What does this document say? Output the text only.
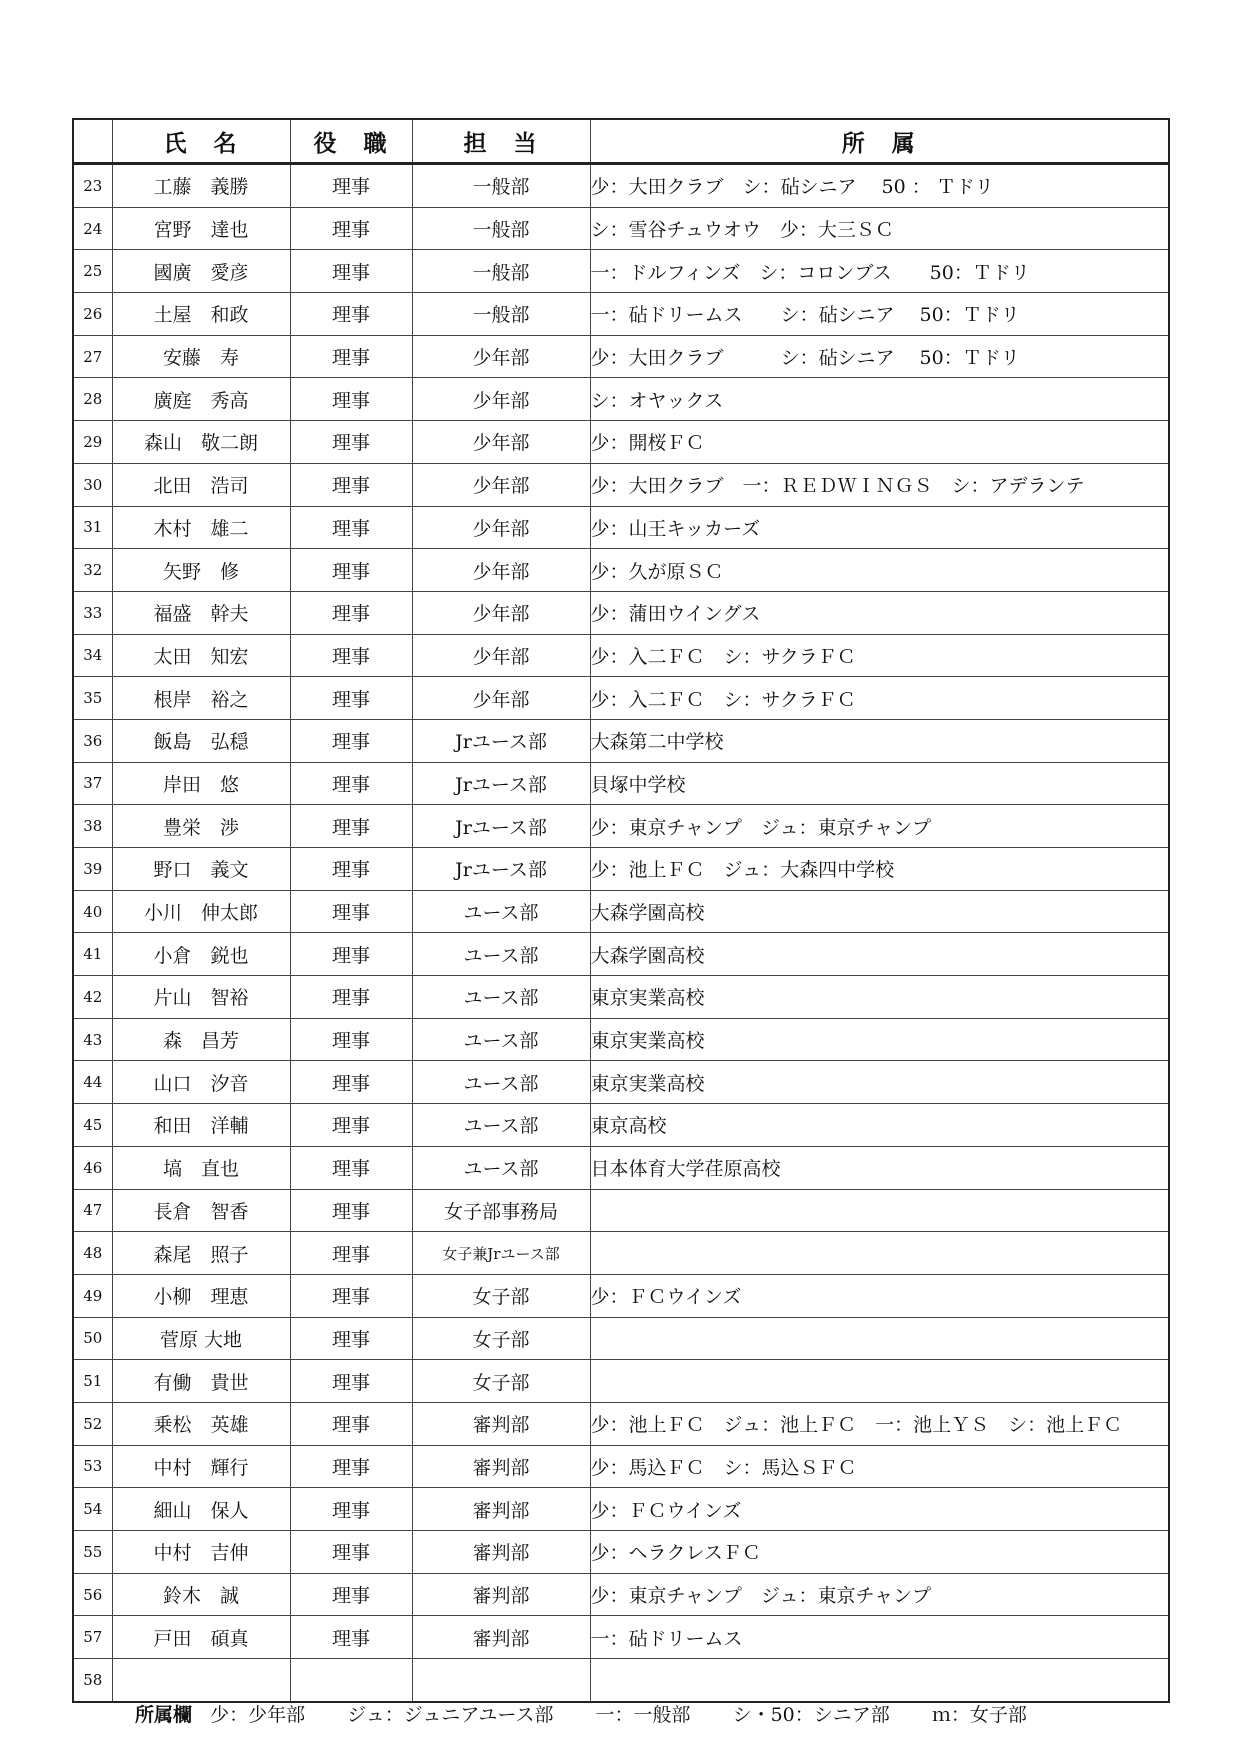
	氏　名	役　職	担　当	所　属
23	工藤　義勝	理事	一般部	少：大田クラブ　シ：砧シニア　 50 ： Ｔドリ
24	宮野　達也	理事	一般部	シ：雪谷チュウオウ　少：大三ＳＣ
25	國廣　愛彦	理事	一般部	一：ドルフィンズ　シ：コロンブス　　50：Ｔドリ
26	土屋　和政	理事	一般部	一：砧ドリームス　　シ：砧シニア　 50：Ｔドリ
27	安藤　寿	理事	少年部	少：大田クラブ　　　シ：砧シニア　 50：Ｔドリ
28	廣庭　秀高	理事	少年部	シ：オヤックス
29	森山　敬二朗	理事	少年部	少：開桜ＦＣ
30	北田　浩司	理事	少年部	少：大田クラブ　一：ＲＥＤＷＩＮＧＳ　シ：アデランテ
31	木村　雄二	理事	少年部	少：山王キッカーズ
32	矢野　修	理事	少年部	少：久が原ＳＣ
33	福盛　幹夫	理事	少年部	少：蒲田ウイングス
34	太田　知宏	理事	少年部	少：入二ＦＣ　シ：サクラＦＣ
35	根岸　裕之	理事	少年部	少：入二ＦＣ　シ：サクラＦＣ
36	飯島　弘穏	理事	Jrユース部	大森第二中学校
37	岸田　悠	理事	Jrユース部	貝塚中学校
38	豊栄　渉	理事	Jrユース部	少：東京チャンプ　ジュ：東京チャンプ
39	野口　義文	理事	Jrユース部	少：池上ＦＣ　ジュ：大森四中学校
40	小川　伸太郎	理事	ユース部	大森学園高校
41	小倉　鋭也	理事	ユース部	大森学園高校
42	片山　智裕	理事	ユース部	東京実業高校
43	森　昌芳	理事	ユース部	東京実業高校
44	山口　汐音	理事	ユース部	東京実業高校
45	和田　洋輔	理事	ユース部	東京高校
46	塙　直也	理事	ユース部	日本体育大学荏原高校
47	長倉　智香	理事	女子部事務局	
48	森尾　照子	理事	女子兼Jrユース部	
49	小柳　理恵	理事	女子部	少：ＦＣウインズ
50	菅原 大地	理事	女子部	
51	有働　貴世	理事	女子部	
52	乗松　英雄	理事	審判部	少：池上ＦＣ　ジュ：池上ＦＣ　一：池上ＹＳ　シ：池上ＦＣ
53	中村　輝行	理事	審判部	少：馬込ＦＣ　シ：馬込ＳＦＣ
54	細山　保人	理事	審判部	少：ＦＣウインズ
55	中村　吉伸	理事	審判部	少：ヘラクレスＦＣ
56	鈴木　誠	理事	審判部	少：東京チャンプ　ジュ：東京チャンプ
57	戸田　碩真	理事	審判部	一：砧ドリームス
58				
所属欄 少：少年部 ジュ：ジュニアユース部 一：一般部 シ・50：シニア部 ｍ：女子部
